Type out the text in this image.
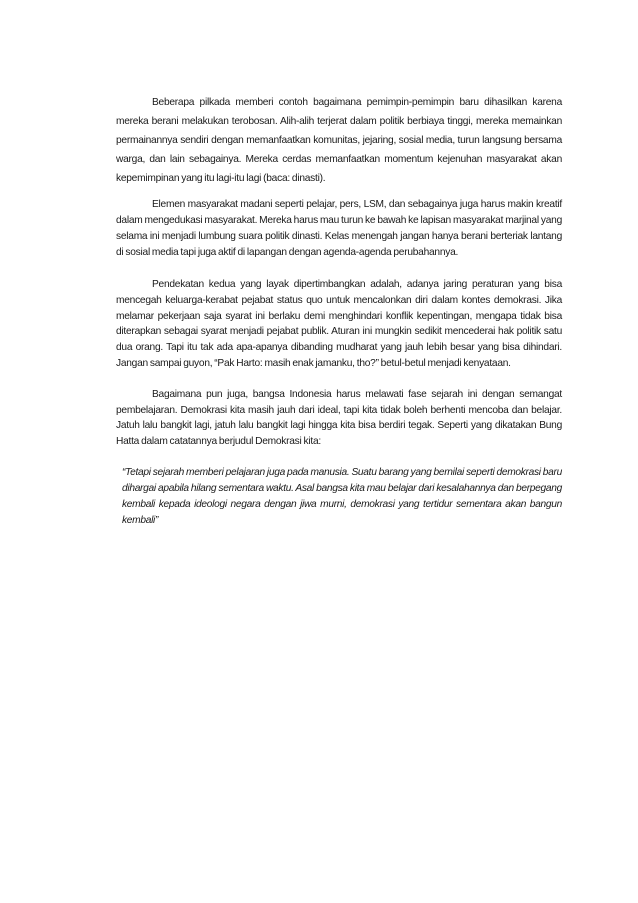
Beberapa pilkada memberi contoh bagaimana pemimpin-pemimpin baru dihasilkan karena mereka berani melakukan terobosan. Alih-alih terjerat dalam politik berbiaya tinggi, mereka memainkan permainannya sendiri dengan memanfaatkan komunitas, jejaring, sosial media, turun langsung bersama warga, dan lain sebagainya. Mereka cerdas memanfaatkan momentum kejenuhan masyarakat akan kepemimpinan yang itu lagi-itu lagi (baca: dinasti).

Elemen masyarakat madani seperti pelajar, pers, LSM, dan sebagainya juga harus makin kreatif dalam mengedukasi masyarakat. Mereka harus mau turun ke bawah ke lapisan masyarakat marjinal yang selama ini menjadi lumbung suara politik dinasti. Kelas menengah jangan hanya berani berteriak lantang di sosial media tapi juga aktif di lapangan dengan agenda-agenda perubahannya.

Pendekatan kedua yang layak dipertimbangkan adalah, adanya jaring peraturan yang bisa mencegah keluarga-kerabat pejabat status quo untuk mencalonkan diri dalam kontes demokrasi. Jika melamar pekerjaan saja syarat ini berlaku demi menghindari konflik kepentingan, mengapa tidak bisa diterapkan sebagai syarat menjadi pejabat publik. Aturan ini mungkin sedikit mencederai hak politik satu dua orang. Tapi itu tak ada apa-apanya dibanding mudharat yang jauh lebih besar yang bisa dihindari. Jangan sampai guyon, “Pak Harto: masih enak jamanku, tho?” betul-betul menjadi kenyataan.

Bagaimana pun juga, bangsa Indonesia harus melawati fase sejarah ini dengan semangat pembelajaran. Demokrasi kita masih jauh dari ideal, tapi kita tidak boleh berhenti mencoba dan belajar. Jatuh lalu bangkit lagi, jatuh lalu bangkit lagi hingga kita bisa berdiri tegak. Seperti yang dikatakan Bung Hatta dalam catatannya berjudul Demokrasi kita:

“Tetapi sejarah memberi pelajaran juga pada manusia. Suatu barang yang bernilai seperti demokrasi baru dihargai apabila hilang sementara waktu. Asal bangsa kita mau belajar dari kesalahannya dan berpegang kembali kepada ideologi negara dengan jiwa murni, demokrasi yang tertidur sementara akan bangun kembali”
